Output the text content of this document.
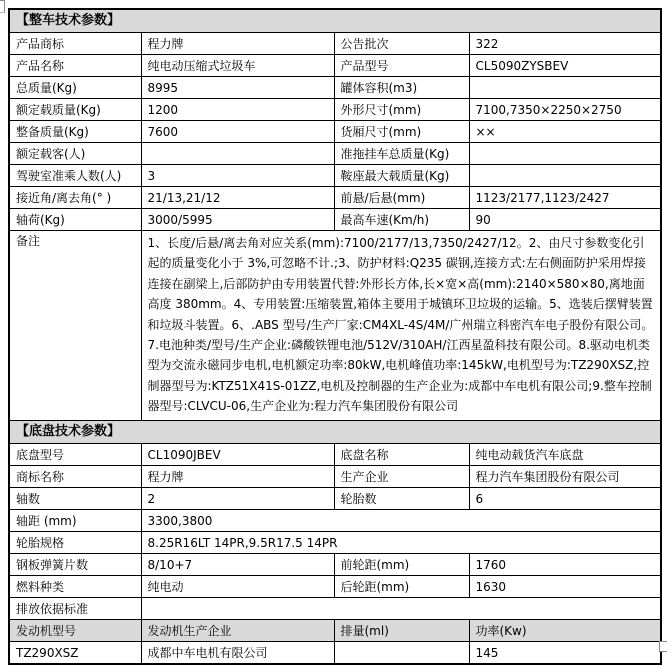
【整车技术参数】			
产品商标	程力牌	公告批次	322
产品名称	纯电动压缩式垃圾车	产品型号	CL5090ZYSBEV
总质量(Kg)	8995	罐体容积(m3)	
额定载质量(Kg)	1200	外形尺寸(mm)	7100,7350×2250×2750
整备质量(Kg)	7600	货厢尺寸(mm)	××
额定载客(人)		准拖挂车总质量(Kg)	
驾驶室准乘人数(人)	3	鞍座最大载质量(Kg)	
接近角/离去角(° )	21/13,21/12	前悬/后悬(mm)	1123/2177,1123/2427
轴荷(Kg)	3000/5995	最高车速(Km/h)	90
备注	1、长度/后悬/离去角对应关系(mm):7100/2177/13,7350/2427/12。2、由尺寸参数变化引起的质量变化小于 3%,可忽略不计.;3、防护材料:Q235 碳钢,连接方式:左右侧面防护采用焊接连接在副梁上,后部防护由专用装置代替:外形长方体,长×宽×高(mm):2140×580×80,离地面高度 380mm。4、专用装置:压缩装置,箱体主要用于城镇环卫垃圾的运输。5、选装后摆臂装置和垃圾斗装置。6、.ABS 型号/生产厂家:CM4XL-4S/4M/广州瑞立科密汽车电子股份有限公司。7.电池种类/型号/生产企业:磷酸铁锂电池/512V/310AH/江西星盈科技有限公司。8.驱动电机类型为交流永磁同步电机,电机额定功率:80kW,电机峰值功率:145kW,电机型号为:TZ290XSZ,控制器型号为:KTZ51X41S-01ZZ,电机及控制器的生产企业为:成都中车电机有限公司;9.整车控制器型号:CLVCU-06,生产企业为:程力汽车集团股份有限公司		

【底盘技术参数】			
底盘型号	CL1090JBEV	底盘名称	纯电动载货汽车底盘
商标名称	程力牌	生产企业	程力汽车集团股份有限公司
轴数	2	轮胎数	6
轴距 (mm)	3300,3800		
轮胎规格	8.25R16LT 14PR,9.5R17.5 14PR		
钢板弹簧片数	8/10+7	前轮距(mm)	1760
燃料种类	纯电动	后轮距(mm)	1630
排放依据标准			
发动机型号	发动机生产企业	排量(ml)	功率(Kw)
TZ290XSZ	成都中车电机有限公司		145
